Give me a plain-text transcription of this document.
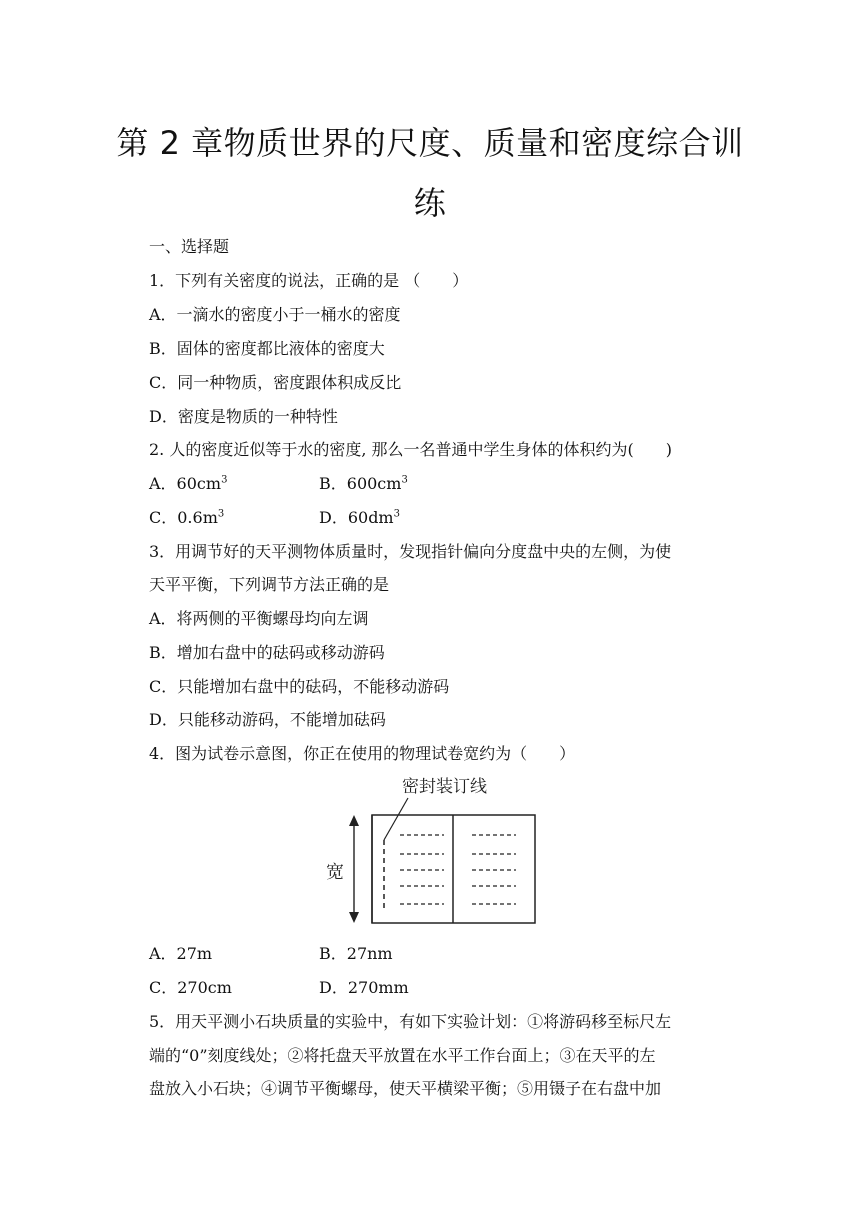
第 2 章物质世界的尺度、质量和密度综合训
练
一、选择题
1．下列有关密度的说法，正确的是 （　　）
A．一滴水的密度小于一桶水的密度
B．固体的密度都比液体的密度大
C．同一种物质，密度跟体积成反比
D．密度是物质的一种特性
2. 人的密度近似等于水的密度, 那么一名普通中学生身体的体积约为(　　)
A．$60cm^3$	B．$600cm^3$
C．$0.6m^3$	D．$60dm^3$
3．用调节好的天平测物体质量时，发现指针偏向分度盘中央的左侧，为使
天平平衡，下列调节方法正确的是
A．将两侧的平衡螺母均向左调
B．增加右盘中的砝码或移动游码
C．只能增加右盘中的砝码，不能移动游码
D．只能移动游码，不能增加砝码
4．图为试卷示意图，你正在使用的物理试卷宽约为（　　）
密封装订线
宽
A．27m	B．27nm
C．270cm	D．270mm
5．用天平测小石块质量的实验中，有如下实验计划：①将游码移至标尺左
端的“0”刻度线处；②将托盘天平放置在水平工作台面上；③在天平的左
盘放入小石块；④调节平衡螺母，使天平横梁平衡；⑤用镊子在右盘中加
